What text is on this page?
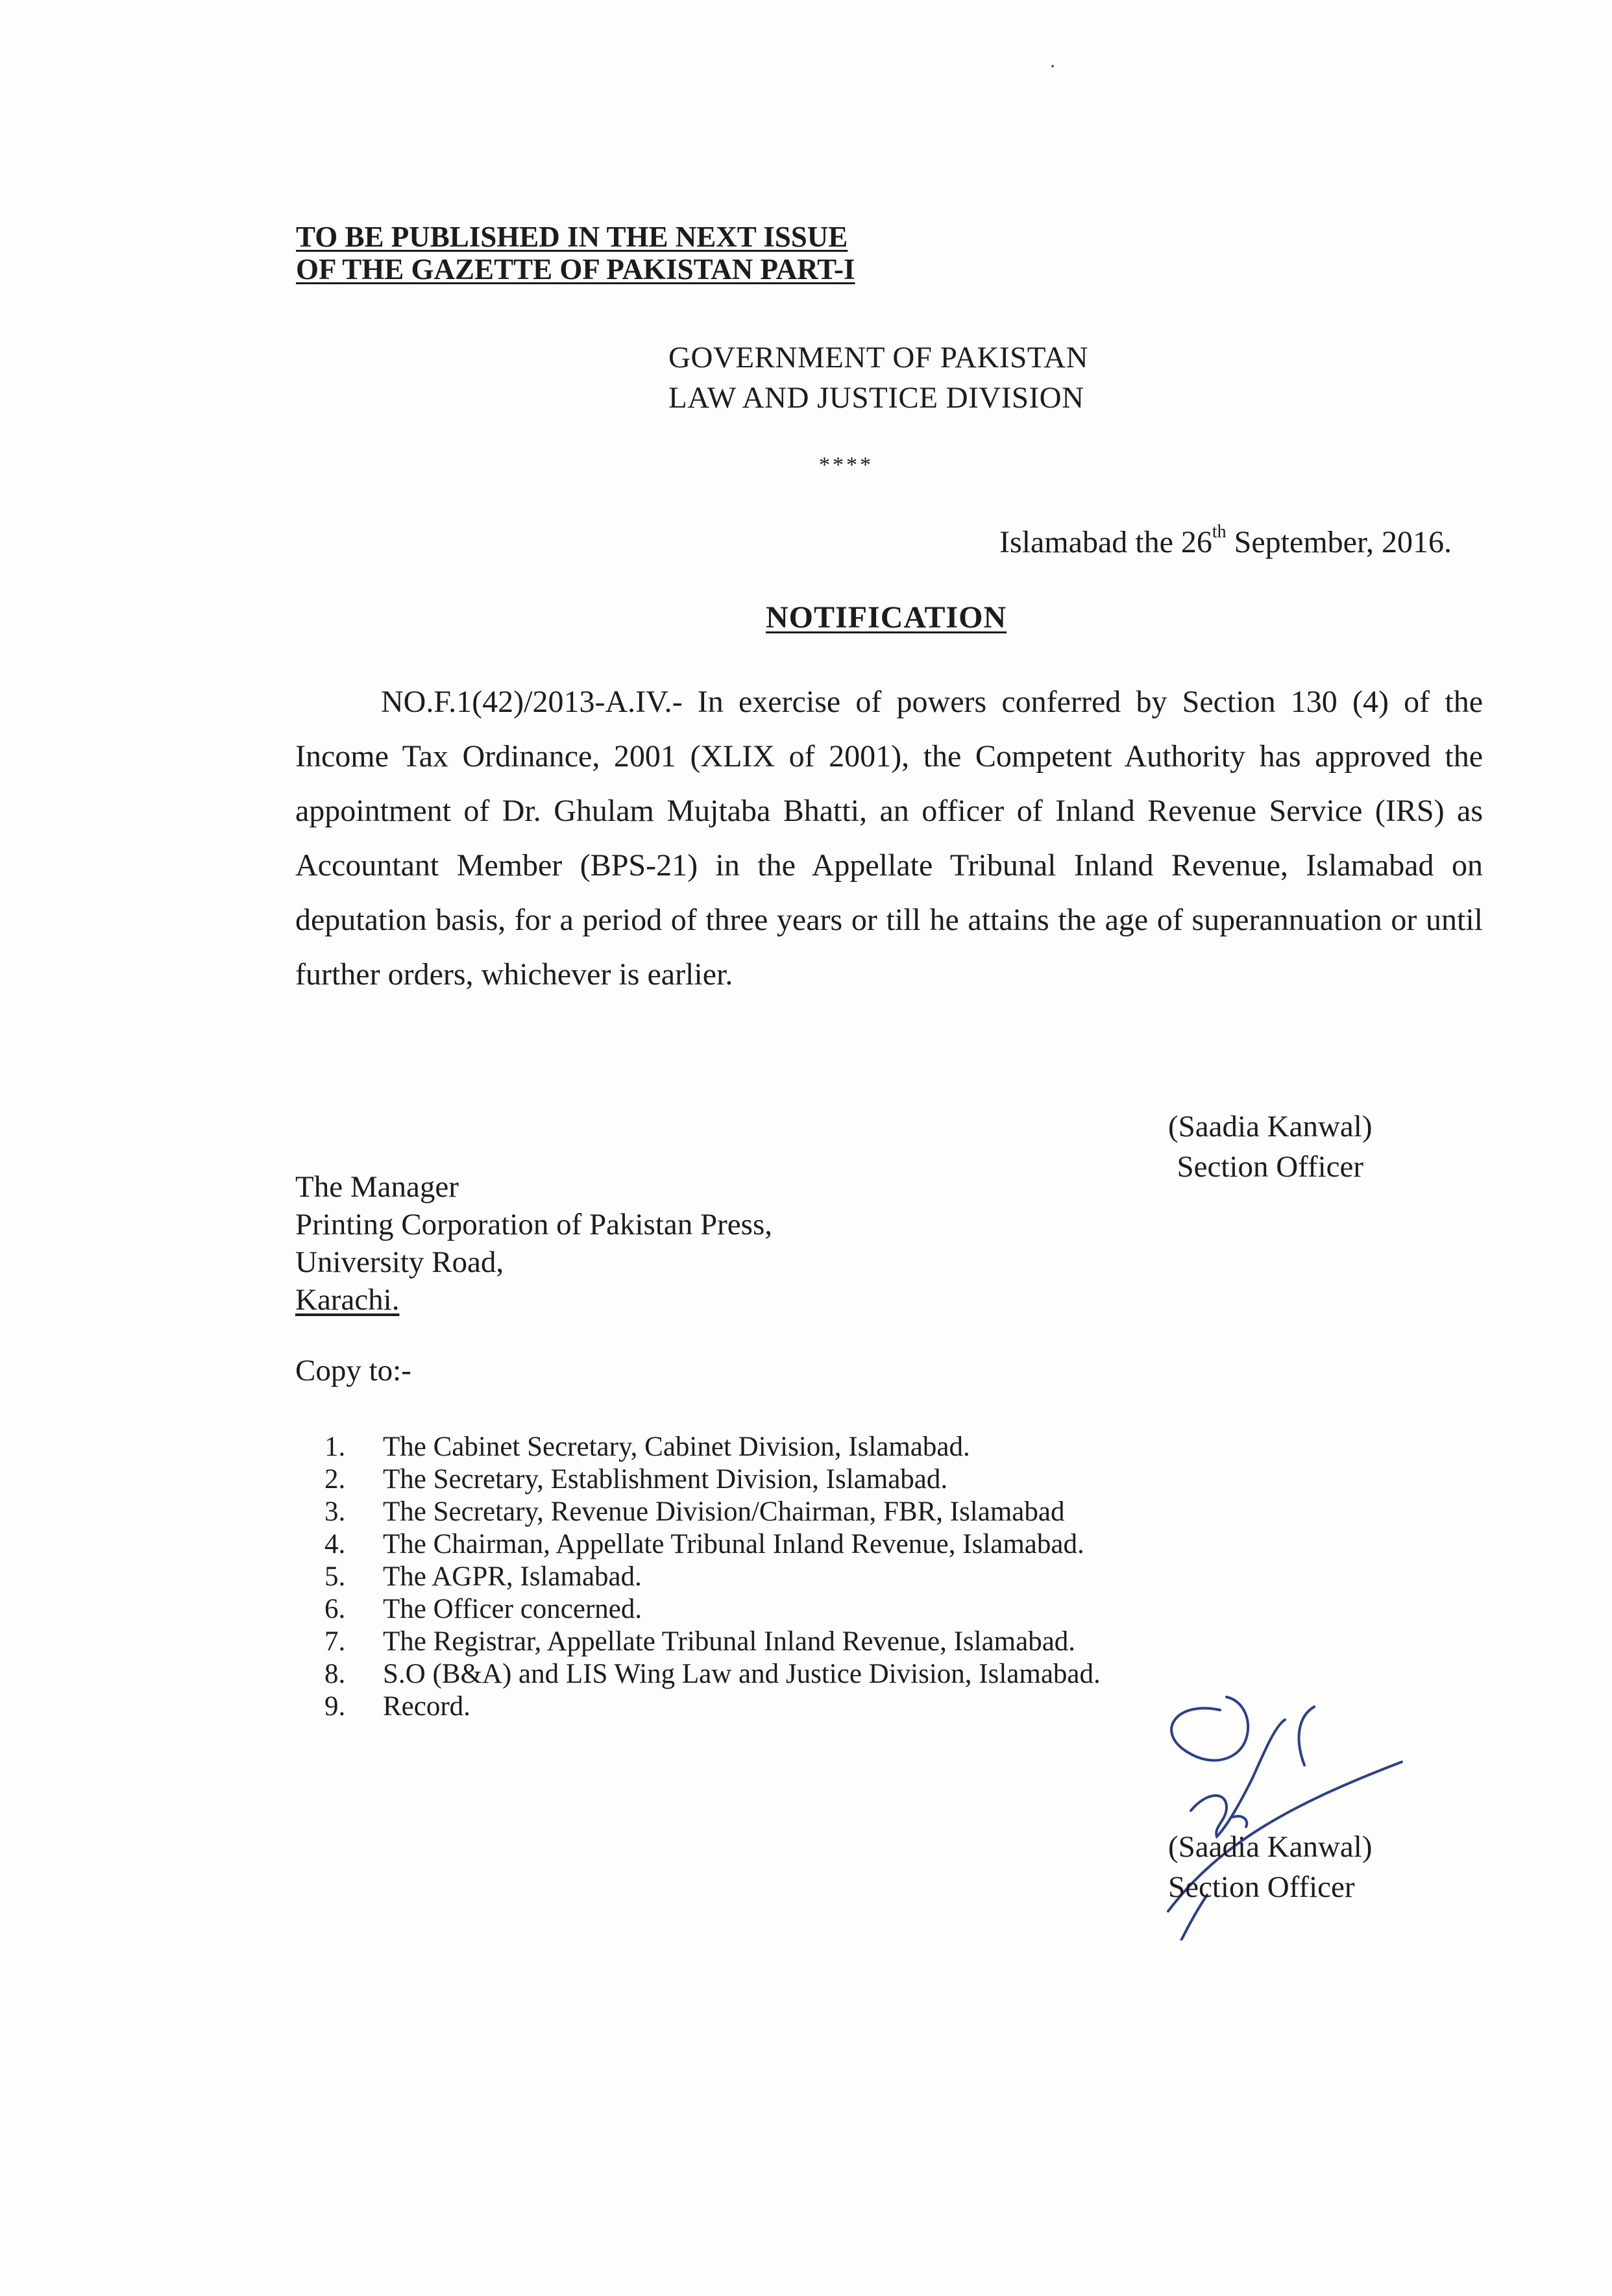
TO BE PUBLISHED IN THE NEXT ISSUE
OF THE GAZETTE OF PAKISTAN PART-I
GOVERNMENT OF PAKISTAN
LAW AND JUSTICE DIVISION
****
Islamabad the 26th September, 2016.
NOTIFICATION
NO.F.1(42)/2013-A.IV.- In exercise of powers conferred by Section 130 (4) of the Income Tax Ordinance, 2001 (XLIX of 2001), the Competent Authority has approved the appointment of Dr. Ghulam Mujtaba Bhatti, an officer of Inland Revenue Service (IRS) as Accountant Member (BPS-21) in the Appellate Tribunal Inland Revenue, Islamabad on deputation basis, for a period of three years or till he attains the age of superannuation or until further orders, whichever is earlier.
(Saadia Kanwal)
Section Officer
The Manager
Printing Corporation of Pakistan Press,
University Road,
Karachi.
Copy to:-
1.	The Cabinet Secretary, Cabinet Division, Islamabad.
2.	The Secretary, Establishment Division, Islamabad.
3.	The Secretary, Revenue Division/Chairman, FBR, Islamabad
4.	The Chairman, Appellate Tribunal Inland Revenue, Islamabad.
5.	The AGPR, Islamabad.
6.	The Officer concerned.
7.	The Registrar, Appellate Tribunal Inland Revenue, Islamabad.
8.	S.O (B&A) and LIS Wing Law and Justice Division, Islamabad.
9.	Record.
(Saadia Kanwal)
Section Officer
